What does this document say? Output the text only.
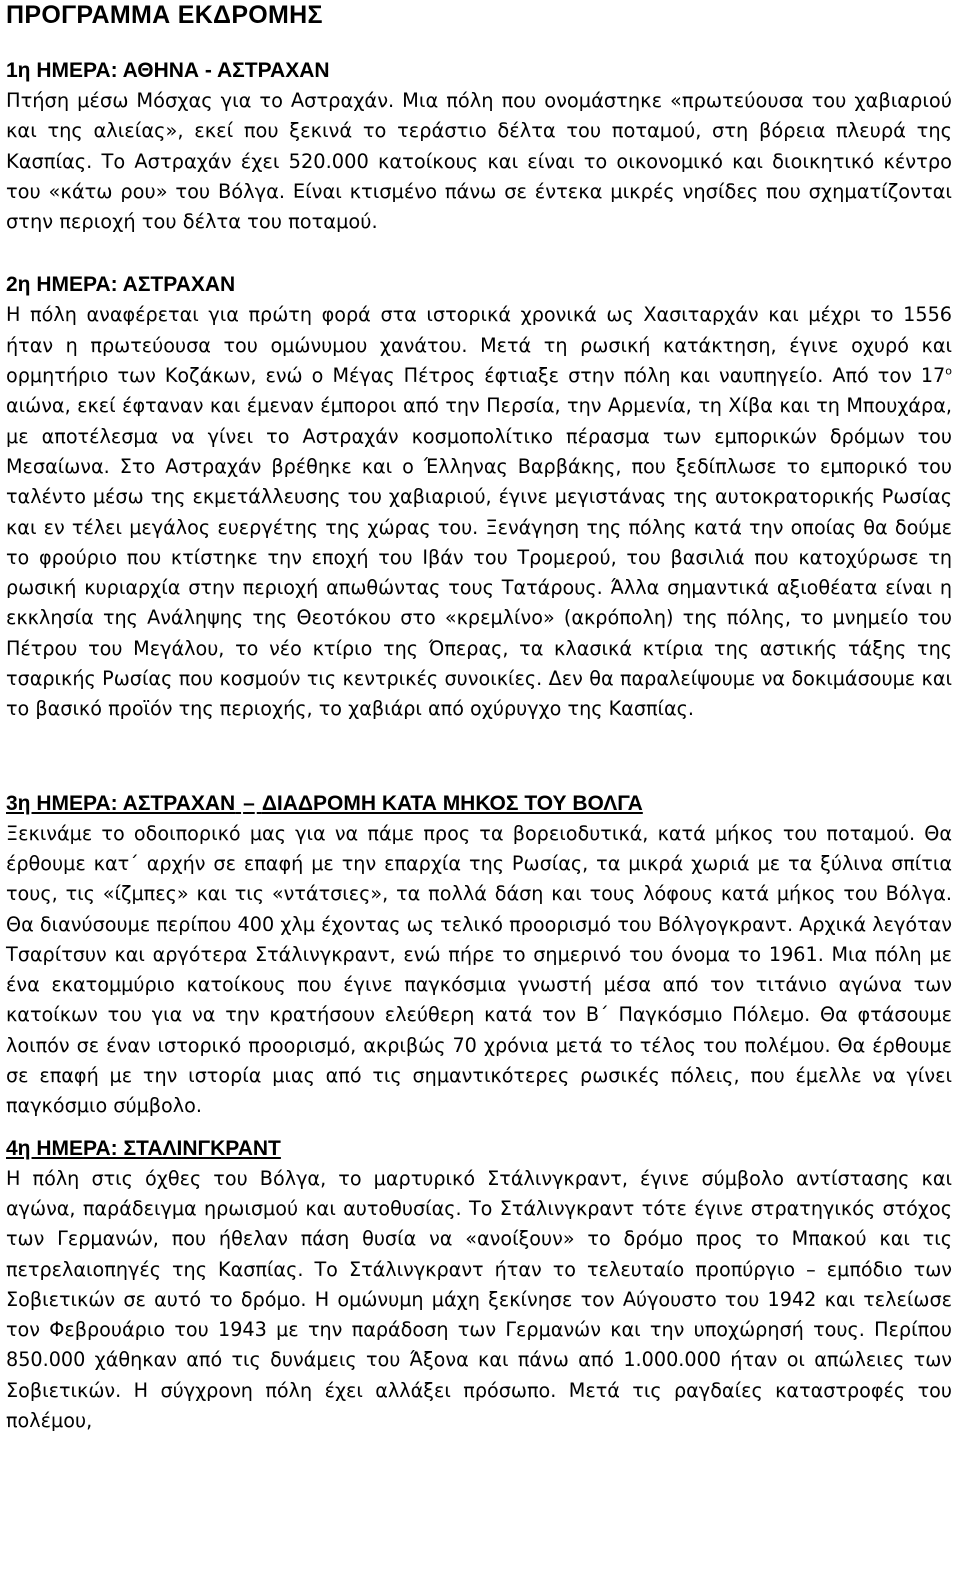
ΠΡΟΓΡΑΜΜΑ ΕΚΔΡΟΜΗΣ
1η ΗΜΕΡΑ: ΑΘΗΝΑ - ΑΣΤΡΑΧΑΝ

Πτήση μέσω Μόσχας για το Αστραχάν. Μια πόλη που ονομάστηκε «πρωτεύουσα του χαβιαριού και της αλιείας», εκεί που ξεκινά το τεράστιο δέλτα του ποταμού, στη βόρεια πλευρά της Κασπίας. Το Αστραχάν έχει 520.000 κατοίκους και είναι το οικονομικό και διοικητικό κέντρο του «κάτω ρου» του Βόλγα. Είναι κτισμένο πάνω σε έντεκα μικρές νησίδες που σχηματίζονται στην περιοχή του δέλτα του ποταμού.

2η ΗΜΕΡΑ: ΑΣΤΡΑΧΑΝ

Η πόλη αναφέρεται για πρώτη φορά στα ιστορικά χρονικά ως Χασιταρχάν και μέχρι το 1556 ήταν η πρωτεύουσα του ομώνυμου χανάτου. Μετά τη ρωσική κατάκτηση, έγινε οχυρό και ορμητήριο των Κοζάκων, ενώ ο Μέγας Πέτρος έφτιαξε στην πόλη και ναυπηγείο. Από τον $17^o$ αιώνα, εκεί έφταναν και έμεναν έμποροι από την Περσία, την Αρμενία, τη Χίβα και τη Μπουχάρα, με αποτέλεσμα να γίνει το Αστραχάν κοσμοπολίτικο πέρασμα των εμπορικών δρόμων του Μεσαίωνα. Στο Αστραχάν βρέθηκε και ο Έλληνας Βαρβάκης, που ξεδίπλωσε το εμπορικό του ταλέντο μέσω της εκμετάλλευσης του χαβιαριού, έγινε μεγιστάνας της αυτοκρατορικής Ρωσίας και εν τέλει μεγάλος ευεργέτης της χώρας του. Ξενάγηση της πόλης κατά την οποίας θα δούμε το φρούριο που κτίστηκε την εποχή του Ιβάν του Τρομερού, του βασιλιά που κατοχύρωσε τη ρωσική κυριαρχία στην περιοχή απωθώντας τους Τατάρους. Άλλα σημαντικά αξιοθέατα είναι η εκκλησία της Ανάληψης της Θεοτόκου στο «κρεμλίνο» (ακρόπολη) της πόλης, το μνημείο του Πέτρου του Μεγάλου, το νέο κτίριο της Όπερας, τα κλασικά κτίρια της αστικής τάξης της τσαρικής Ρωσίας που κοσμούν τις κεντρικές συνοικίες. Δεν θα παραλείψουμε να δοκιμάσουμε και το βασικό προϊόν της περιοχής, το χαβιάρι από οχύρυγχο της Κασπίας.

3η ΗΜΕΡΑ: ΑΣΤΡΑΧΑΝ – ΔΙΑΔΡΟΜΗ ΚΑΤΑ ΜΗΚΟΣ ΤΟΥ ΒΟΛΓΑ

Ξεκινάμε το οδοιπορικό μας για να πάμε προς τα βορειοδυτικά, κατά μήκος του ποταμού. Θα έρθουμε κατ΄ αρχήν σε επαφή με την επαρχία της Ρωσίας, τα μικρά χωριά με τα ξύλινα σπίτια τους, τις «ίζμπες» και τις «ντάτσιες», τα πολλά δάση και τους λόφους κατά μήκος του Βόλγα. Θα διανύσουμε περίπου 400 χλμ έχοντας ως τελικό προορισμό του Βόλγογκραντ. Αρχικά λεγόταν Τσαρίτσυν και αργότερα Στάλινγκραντ, ενώ πήρε το σημερινό του όνομα το 1961. Μια πόλη με ένα εκατομμύριο κατοίκους που έγινε παγκόσμια γνωστή μέσα από τον τιτάνιο αγώνα των κατοίκων του για να την κρατήσουν ελεύθερη κατά τον Β΄ Παγκόσμιο Πόλεμο. Θα φτάσουμε λοιπόν σε έναν ιστορικό προορισμό, ακριβώς 70 χρόνια μετά το τέλος του πολέμου. Θα έρθουμε σε επαφή με την ιστορία μιας από τις σημαντικότερες ρωσικές πόλεις, που έμελλε να γίνει παγκόσμιο σύμβολο.

4η ΗΜΕΡΑ: ΣΤΑΛΙΝΓΚΡΑΝΤ

Η πόλη στις όχθες του Βόλγα, το μαρτυρικό Στάλινγκραντ, έγινε σύμβολο αντίστασης και αγώνα, παράδειγμα ηρωισμού και αυτοθυσίας. Το Στάλινγκραντ τότε έγινε στρατηγικός στόχος των Γερμανών, που ήθελαν πάση θυσία να «ανοίξουν» το δρόμο προς το Μπακού και τις πετρελαιοπηγές της Κασπίας. Το Στάλινγκραντ ήταν το τελευταίο προπύργιο – εμπόδιο των Σοβιετικών σε αυτό το δρόμο. Η ομώνυμη μάχη ξεκίνησε τον Αύγουστο του 1942 και τελείωσε τον Φεβρουάριο του 1943 με την παράδοση των Γερμανών και την υποχώρησή τους. Περίπου 850.000 χάθηκαν από τις δυνάμεις του Άξονα και πάνω από 1.000.000 ήταν οι απώλειες των Σοβιετικών. Η σύγχρονη πόλη έχει αλλάξει πρόσωπο. Μετά τις ραγδαίες καταστροφές του πολέμου,
